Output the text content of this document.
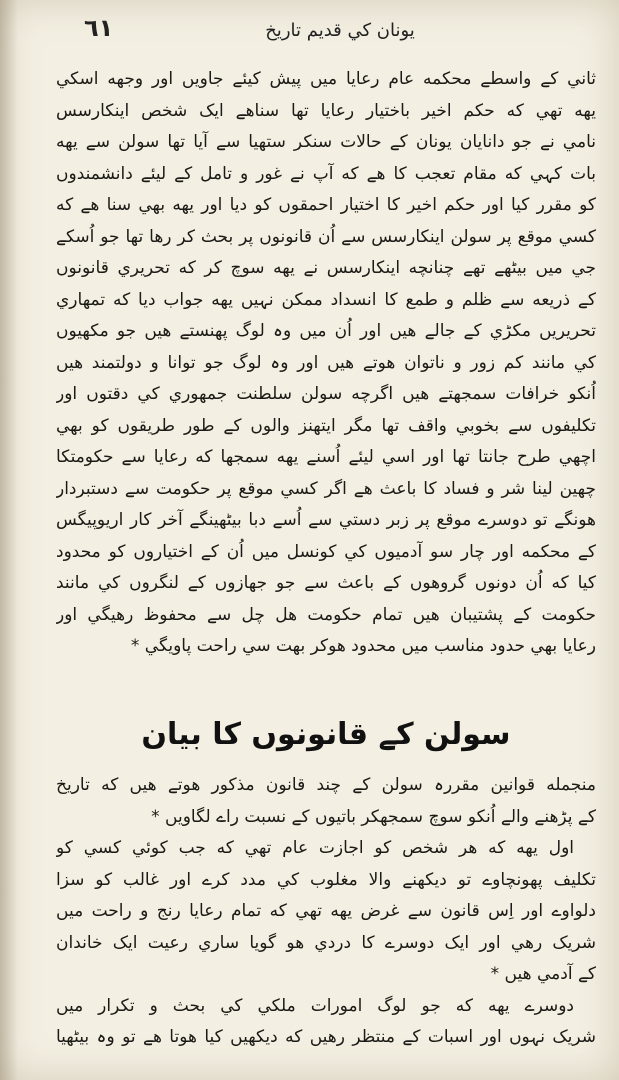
٦١	یونان کي قدیم تاریخ
ثاني کے واسطے محکمه عام رعایا میں پیش کیئے جاویں اور وجهه اسکي
یهه تهي که حکم اخیر باختیار رعایا تها سناهے ایک شخص اینکارسس
نامي نے جو دانایان یونان کے حالات سنکر ستهیا سے آیا تها سولن سے یهه
بات کہي که مقام تعجب کا هے که آپ نے غور و تامل کے لیئے دانشمندوں
کو مقرر کیا اور حکم اخیر کا اختیار احمقوں کو دیا اور یهه بهي سنا هے که
کسي موقع پر سولن اینکارسس سے اُن قانونوں پر بحث کر رها تها جو اُسکے
جي میں بیٹهے تهے چنانچه اینکارسس نے یهه سوچ کر که تحریري قانونوں
کے ذریعه سے ظلم و طمع کا انسداد ممکن نہیں یهه جواب دیا که تمهاري
تحریریں مکڑي کے جالے هیں اور اُن میں وہ لوگ پهنستے هیں جو مکهیوں
کي مانند کم زور و ناتوان هوتے هیں اور وہ لوگ جو توانا و دولتمند هیں
اُنکو خرافات سمجهتے هیں اگرچه سولن سلطنت جمهوري کي دقتوں اور
تکلیفوں سے بخوبي واقف تها مگر ایتهنز والوں کے طور طریقوں کو بهي
اچهي طرح جانتا تها اور اسي لیئے اُسنے یهه سمجها که رعایا سے حکومتکا
چهین لینا شر و فساد کا باعث هے اگر کسي موقع پر حکومت سے دستبردار
هونگے تو دوسرے موقع پر زبر دستي سے اُسے دبا بیٹهینگے آخر کار اریوپیگس
کے محکمه اور چار سو آدمیوں کي کونسل میں اُن کے اختیاروں کو محدود
کیا که اُن دونوں گروهوں کے باعث سے جو جهازوں کے لنگروں کي مانند
حکومت کے پشتیبان هیں تمام حکومت هل چل سے محفوظ رهیگي اور
رعایا بهي حدود مناسب میں محدود هوکر بهت سي راحت پاویگي *
سولن کے قانونوں کا بیان
منجمله قوانین مقررہ سولن کے چند قانون مذکور هوتے هیں که تاریخ
کے پڑهنے والے اُنکو سوچ سمجهکر باتیوں کے نسبت راے لگاویں *
اول یهه که هر شخص کو اجازت عام تهي که جب کوئي کسي کو
تکلیف پهونچاوے تو دیکهنے والا مغلوب کي مدد کرے اور غالب کو سزا
دلواوے اور اِس قانون سے غرض یهه تهي که تمام رعایا رنج و راحت میں
شریک رهي اور ایک دوسرے کا دردي هو گویا ساري رعیت ایک خاندان
کے آدمي هیں *
دوسرے یهه که جو لوگ امورات ملکي کي بحث و تکرار میں
شریک نہوں اور اسبات کے منتظر رهیں که دیکهیں کیا هوتا هے تو وہ بیٹهیا
